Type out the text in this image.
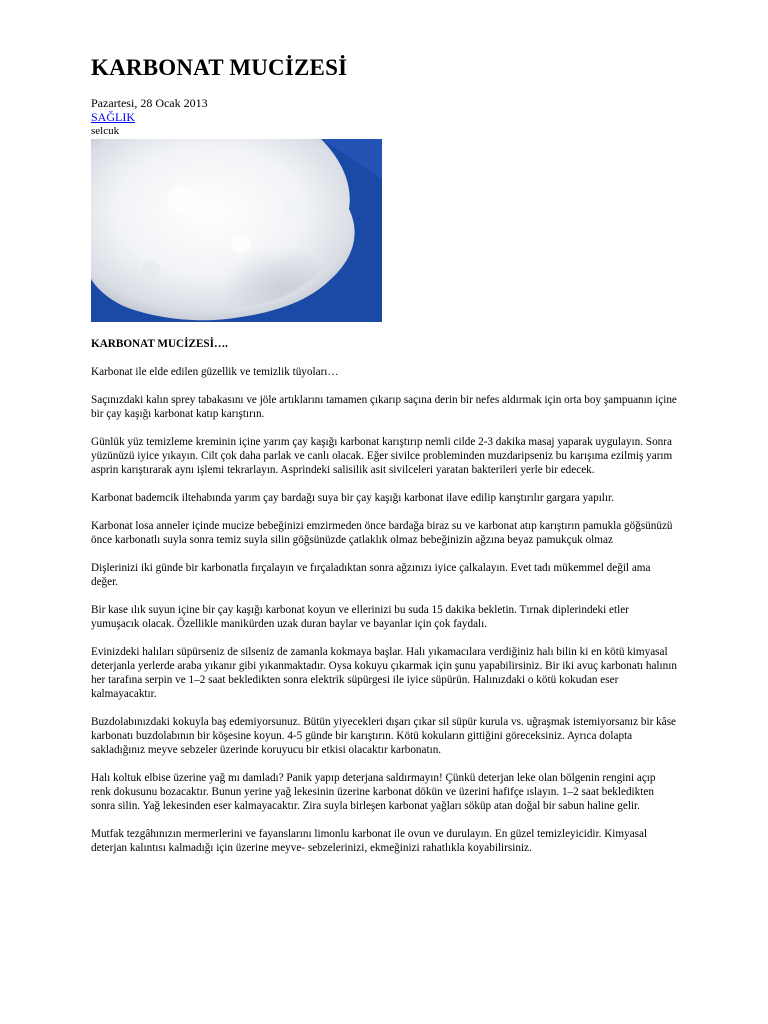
KARBONAT MUCİZESİ
Pazartesi, 28 Ocak 2013
SAĞLIK
selcuk

KARBONAT MUCİZESİ….

Karbonat ile elde edilen güzellik ve temizlik tüyoları…

Saçınızdaki kalın sprey tabakasını ve jöle artıklarını tamamen çıkarıp saçına derin bir nefes aldırmak için orta boy şampuanın içine bir çay kaşığı karbonat katıp karıştırın.

Günlük yüz temizleme kreminin içine yarım çay kaşığı karbonat karıştırıp nemli cilde 2-3 dakika masaj yaparak uygulayın. Sonra yüzünüzü iyice yıkayın. Cilt çok daha parlak ve canlı olacak. Eğer sivilce probleminden muzdaripseniz bu karışıma ezilmiş yarım asprin karıştırarak aynı işlemi tekrarlayın. Asprindeki salisilik asit sivilceleri yaratan bakterileri yerle bir edecek.

Karbonat bademcik iltehabında yarım çay bardağı suya bir çay kaşığı karbonat ilave edilip karıştırılır gargara yapılır.

Karbonat losa anneler içinde mucize bebeğinizi emzirmeden önce bardağa biraz su ve karbonat atıp karıştırın pamukla göğsünüzü önce karbonatlı suyla sonra temiz suyla silin göğsünüzde çatlaklık olmaz bebeğinizin ağzına beyaz pamukçuk olmaz

Dişlerinizi iki günde bir karbonatla fırçalayın ve fırçaladıktan sonra ağzınızı iyice çalkalayın. Evet tadı mükemmel değil ama değer.

Bir kase ılık suyun içine bir çay kaşığı karbonat koyun ve ellerinizi bu suda 15 dakika bekletin. Tırnak diplerindeki etler yumuşacık olacak. Özellikle manikürden uzak duran baylar ve bayanlar için çok faydalı.

Evinizdeki halıları süpürseniz de silseniz de zamanla kokmaya başlar. Halı yıkamacılara verdiğiniz halı bilin ki en kötü kimyasal deterjanla yerlerde araba yıkanır gibi yıkanmaktadır. Oysa kokuyu çıkarmak için şunu yapabilirsiniz. Bir iki avuç karbonatı halının her tarafına serpin ve 1–2 saat bekledikten sonra elektrik süpürgesi ile iyice süpürün. Halınızdaki o kötü kokudan eser kalmayacaktır.

Buzdolabınızdaki kokuyla baş edemiyorsunuz. Bütün yiyecekleri dışarı çıkar sil süpür kurula vs. uğraşmak istemiyorsanız bir kâse karbonatı buzdolabının bir köşesine koyun. 4-5 günde bir karıştırın. Kötü kokuların gittiğini göreceksiniz. Ayrıca dolapta sakladığınız meyve sebzeler üzerinde koruyucu bir etkisi olacaktır karbonatın.

Halı koltuk elbise üzerine yağ mı damladı? Panik yapıp deterjana saldırmayın! Çünkü deterjan leke olan bölgenin rengini açıp renk dokusunu bozacaktır. Bunun yerine yağ lekesinin üzerine karbonat dökün ve üzerini hafifçe ıslayın. 1–2 saat bekledikten sonra silin. Yağ lekesinden eser kalmayacaktır. Zira suyla birleşen karbonat yağları söküp atan doğal bir sabun haline gelir.

Mutfak tezgâhınızın mermerlerini ve fayanslarını limonlu karbonat ile ovun ve durulayın. En güzel temizleyicidir. Kimyasal deterjan kalıntısı kalmadığı için üzerine meyve- sebzelerinizi, ekmeğinizi rahatlıkla koyabilirsiniz.
